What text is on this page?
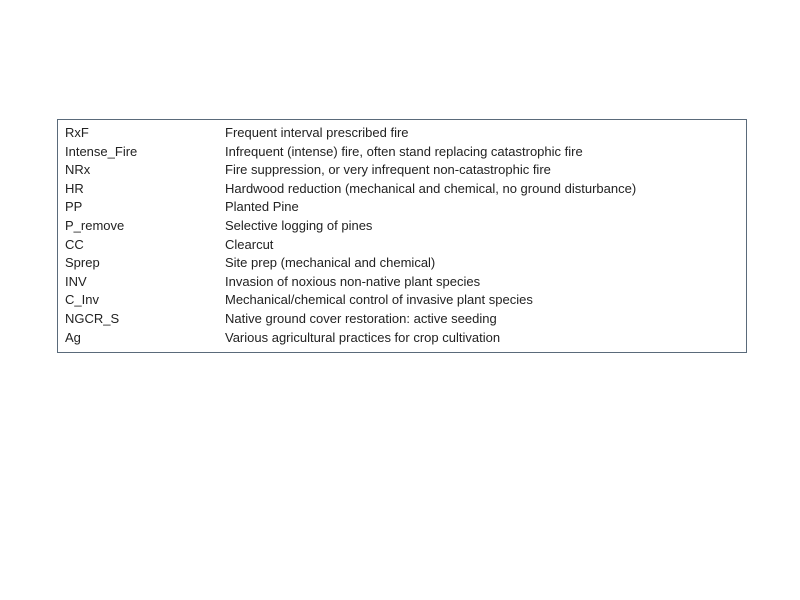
RxF	Frequent interval prescribed fire
Intense_Fire	Infrequent (intense) fire, often stand replacing catastrophic fire
NRx	Fire suppression, or very infrequent non-catastrophic fire
HR	Hardwood reduction (mechanical and chemical, no ground disturbance)
PP	Planted Pine
P_remove	Selective logging of pines
CC	Clearcut
Sprep	Site prep (mechanical and chemical)
INV	Invasion of noxious non-native plant species
C_Inv	Mechanical/chemical control of invasive plant species
NGCR_S	Native ground cover restoration: active seeding
Ag	Various agricultural practices for crop cultivation
